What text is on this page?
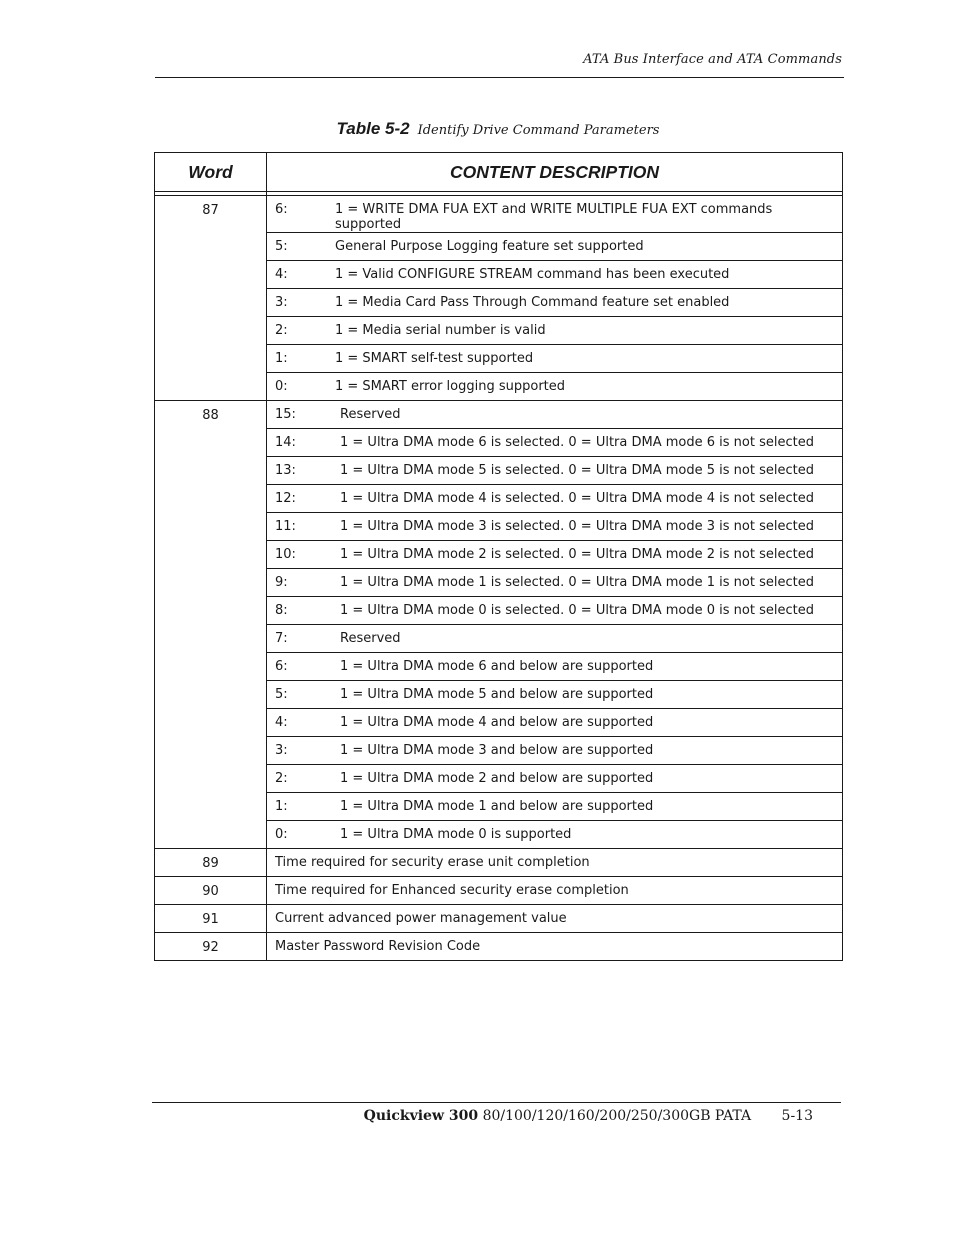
ATA Bus Interface and ATA Commands
Table 5-2 Identify Drive Command Parameters
Word	CONTENT DESCRIPTION

87	6: 1 = WRITE DMA FUA EXT and WRITE MULTIPLE FUA EXT commands supported

	5: General Purpose Logging feature set supported

	4: 1 = Valid CONFIGURE STREAM command has been executed

	3: 1 = Media Card Pass Through Command feature set enabled

	2: 1 = Media serial number is valid

	1: 1 = SMART self-test supported

	0: 1 = SMART error logging supported

88	15: Reserved

	14: 1 = Ultra DMA mode 6 is selected. 0 = Ultra DMA mode 6 is not selected

	13: 1 = Ultra DMA mode 5 is selected. 0 = Ultra DMA mode 5 is not selected

	12: 1 = Ultra DMA mode 4 is selected. 0 = Ultra DMA mode 4 is not selected

	11: 1 = Ultra DMA mode 3 is selected. 0 = Ultra DMA mode 3 is not selected

	10: 1 = Ultra DMA mode 2 is selected. 0 = Ultra DMA mode 2 is not selected

	9: 1 = Ultra DMA mode 1 is selected. 0 = Ultra DMA mode 1 is not selected

	8: 1 = Ultra DMA mode 0 is selected. 0 = Ultra DMA mode 0 is not selected

	7: Reserved

	6: 1 = Ultra DMA mode 6 and below are supported

	5: 1 = Ultra DMA mode 5 and below are supported

	4: 1 = Ultra DMA mode 4 and below are supported

	3: 1 = Ultra DMA mode 3 and below are supported

	2: 1 = Ultra DMA mode 2 and below are supported

	1: 1 = Ultra DMA mode 1 and below are supported

	0: 1 = Ultra DMA mode 0 is supported

89	Time required for security erase unit completion
90	Time required for Enhanced security erase completion
91	Current advanced power management value
92	Master Password Revision Code
Quickview 300 80/100/120/160/200/250/300GB PATA 5-13
